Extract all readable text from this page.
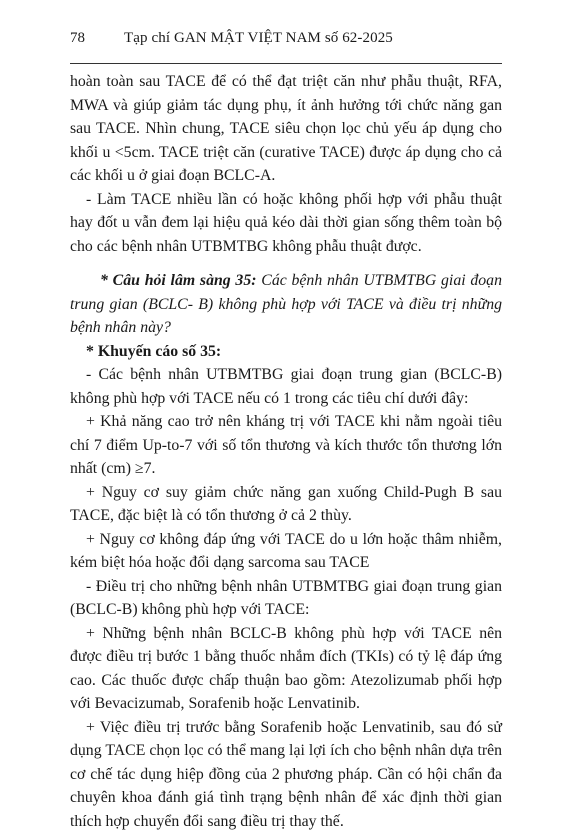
78	Tạp chí GAN MẬT VIỆT NAM số 62-2025

hoàn toàn sau TACE để có thể đạt triệt căn như phẫu thuật, RFA, MWA và giúp giảm tác dụng phụ, ít ảnh hưởng tới chức năng gan sau TACE. Nhìn chung, TACE siêu chọn lọc chủ yếu áp dụng cho khối u <5cm. TACE triệt căn (curative TACE) được áp dụng cho cả các khối u ở giai đoạn BCLC-A.

- Làm TACE nhiều lần có hoặc không phối hợp với phẫu thuật hay đốt u vẫn đem lại hiệu quả kéo dài thời gian sống thêm toàn bộ cho các bệnh nhân UTBMTBG không phẫu thuật được.

* Câu hỏi lâm sàng 35: Các bệnh nhân UTBMTBG giai đoạn trung gian (BCLC- B) không phù hợp với TACE và điều trị những bệnh nhân này?

* Khuyến cáo số 35:

- Các bệnh nhân UTBMTBG giai đoạn trung gian (BCLC-B) không phù hợp với TACE nếu có 1 trong các tiêu chí dưới đây:

+ Khả năng cao trở nên kháng trị với TACE khi nằm ngoài tiêu chí 7 điểm Up-to-7 với số tổn thương và kích thước tổn thương lớn nhất (cm) ≥7.

+ Nguy cơ suy giảm chức năng gan xuống Child-Pugh B sau TACE, đặc biệt là có tổn thương ở cả 2 thùy.

+ Nguy cơ không đáp ứng với TACE do u lớn hoặc thâm nhiễm, kém biệt hóa hoặc đổi dạng sarcoma sau TACE

- Điều trị cho những bệnh nhân UTBMTBG giai đoạn trung gian (BCLC-B) không phù hợp với TACE:

+ Những bệnh nhân BCLC-B không phù hợp với TACE nên được điều trị bước 1 bằng thuốc nhắm đích (TKIs) có tỷ lệ đáp ứng cao. Các thuốc được chấp thuận bao gồm: Atezolizumab phối hợp với Bevacizumab, Sorafenib hoặc Lenvatinib.

+ Việc điều trị trước bằng Sorafenib hoặc Lenvatinib, sau đó sử dụng TACE chọn lọc có thể mang lại lợi ích cho bệnh nhân dựa trên cơ chế tác dụng hiệp đồng của 2 phương pháp. Cần có hội chẩn đa chuyên khoa đánh giá tình trạng bệnh nhân để xác định thời gian thích hợp chuyển đổi sang điều trị thay thế.
